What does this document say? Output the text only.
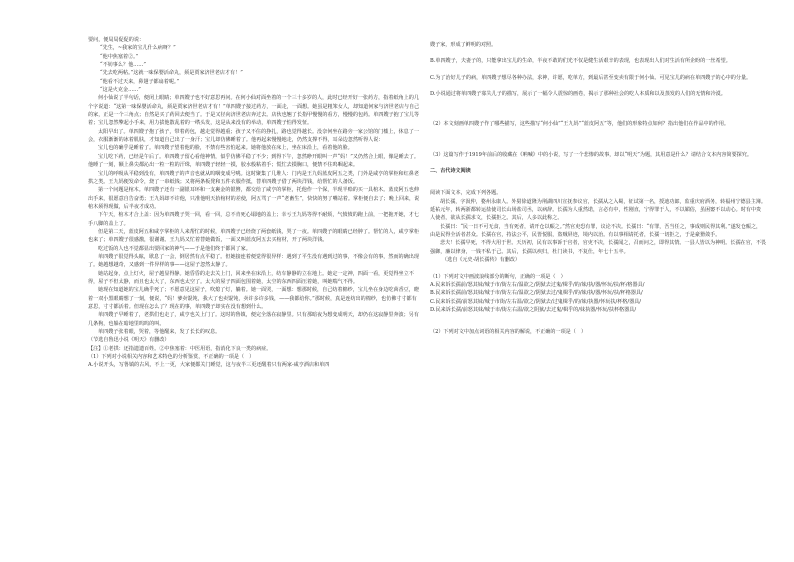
要问，便局局促促的说：

“先生，~我家的宝儿什么病呀？”

“他中焦塞着②。”

“不妨事么？他……”

“先去吃两帖。”这就一味保婴活命丸，须是贾家济世老店才有！”

“他看不过天来，鼻翅子都扇着呢。”

“这是火克金……”

何小仙说了半句话，便闭上眼睛；单四嫂子也不好意思再问。在何小仙对面坐着的一个三十多岁的人，此时已经开好一张药方，指着纸角上的几个字说道：“这第一味保婴活命丸，须是贾家济世老店才有！”单四嫂子接过药方，一面走，一面想。她虽是粗笨女人，却知道何家与济世老店与自己的家，正是一个三角点；自然是买了药回去便当了。于是又径向济世老店奔过去。店伙也翘了长指甲慢慢的看方，慢慢的包药。单四嫂子抱了宝儿等着；宝儿忽然擎起小手来，用力拔他散乱着的一绺头发，这是从来没有的举动，单四嫂子怕得发怔。

太阳早出了。单四嫂子抱了孩子，带着药包，越走觉得越重；孩子又不住的挣扎，路也觉得越长。没奈何坐在路旁一家公馆的门槛上，休息了一会，衣服渐渐的冰着肌肤，才知道自己出了一身汗；宝儿却仿佛睡着了。他再起来慢慢地走，仍然支撑不得，耳朵边忽然听得人说：

宝儿也的确乎是睡着了。单四嫂子望着他的脸，不禁有些害怕起来。她将他放在床上，坐在床沿上，看着他的脸。

宝儿吃下药，已经是午后了。单四嫂子留心看他神情，似乎仿佛平稳了不少；到得下午，忽然睁开眼叫一声“妈！”又仍然合上眼，像是睡去了。他睡了一刻，额上鼻尖都沁出一粒一粒的汗珠，单四嫂子轻轻一摸，胶水般粘着手；慌忙去摸胸口，便禁不住呜咽起来。

宝儿的呼吸从平稳到没有，单四嫂子的声音也就从呜咽变成号咷。这时聚集了几堆人：门内是王九妈蓝皮阿五之类，门外是咸亨的掌柜和红鼻老拱之类。王九妈便发命令，烧了一串纸钱；又将两条板凳和五件衣服作抵，替单四嫂子借了两块洋钱，给帮忙的人备饭。

第一个问题是棺木。单四嫂子还有一副银耳环和一支裹金的银簪，都交给了咸亨的掌柜，托他作一个保，半现半赊的买一具棺木。蓝皮阿五也伸出手来，很愿意自告奋勇；王九妈却不许他，只准他明天抬棺材的差使，阿五骂了一声“老畜生”，快快的努了嘴站着。掌柜便自去了；晚上回来，说棺木须得现做，后半夜才成功。

下午天，棺木才合上盖：因为单四嫂子哭一回，看一回，总不肯死心塌地的盖上；幸亏王九妈等得不耐烦，气愤愤的跑上前，一把拖开她，才七手八脚的盖上了。

但是第二天，蓝皮阿五和咸亨掌柜的人来帮忙的时候，单四嫂子已经烧了两套纸钱，哭了一夜。单四嫂子的眼睛已经肿了。帮忙的人，咸亨掌柜也来了；单四嫂子很感激，很谢谢。王九妈又忙着替她做饭，一面又叫蓝皮阿五去买棺材，开了两块洋钱。

吃过饭的人也不觉都显出要回家的神气——于是他们终于都回了家。

单四嫂子很觉得头眩，歇息了一会，倒居然有点平稳了。但她接连着便觉得很异样：遇到了平生没有遇到过的事，不像会有的事，然而的确出现了。她越想越奇，又感到一件异样的事——这屋子忽然太静了。

她站起身，点上灯火，屋子越显得静。她昏昏的走去关上门，回来坐在床沿上，纺车静静的立在地上。她定一定神，四面一看，更觉得坐立不得，屋子不但太静，而且也太大了，东西也太空了。太大的屋子四面包围着她，太空的东西四面压着她，叫她喘气不得。

她现在知道她的宝儿确乎死了；不愿意见这屋子，吹熄了灯，躺着。她一面哭，一面想：想那时候，自己纺着棉纱，宝儿坐在身边吃茴香豆，瞪着一双小黑眼睛想了一刻，便说，“妈！爹卖馄饨，我大了也卖馄饨，卖许多许多钱，——我都给你。”那时候，真是连纺出的棉纱，也仿佛寸寸都有意思，寸寸都活着。但现在怎么了？现在的事，单四嫂子却实在没有想到什么。

单四嫂子早睡着了，老拱们也走了，咸亨也关上门了。这时的鲁镇，便完全落在寂静里。只有那暗夜为想变成明天，却仍在这寂静里奔波；另有几条狗，也躲在暗地里呜呜的叫。

单四嫂子张着眼，哭着，等他醒来，发了长长的叹息。

（节选自鲁迅小说《明天》有删改）

【注】①老拱：还指遗遗百姓。②中焦塞着：中医用语，指消化下良一类的病症。

（1）下列对小说相关内容和艺术特色的分析鉴赏，不正确的一项是（　）

A.小说开头，写鲁镇的古风，不上一更，大家便都关门睡觉，这与夜半三更还醒着只有两家-咸亨酒店和单四

嫂子家，形成了鲜明的对照。

B.单四嫂子，夫妻子的，只能拿出宝儿的生命，半夜不敢的们光不仅是健生活艰辛的表现，也表现出人们对生活有所企盼的一丝希望。

C.为了治好儿子的病，单四嫂子想尽各种办法，求神，许愿，吃单方，到最后甚至变卖有限于何小仙。可见宝儿的病在单四嫂子的心中的分量。

D.小说通过将单四嫂子寡失儿子的描写，展示了一幅令人震惊的画卷，揭示了那种社会的吃人本质和以及蒸发的人们的无情和冷漠。

（2）本文刻画单四嫂子作了哪些描写，这些描写“何小仙”“王九妈”“蓝皮阿五”等，他们的形象特点如何？指出他们在作品中的作用。

（3）这篇写作于1919年前后的收藏在《呐喊》中的小说，写了一个悲惨的故事，却以“明天”为题，其用意是什么？请结合文本内容简要探究。

二、古代诗文阅读

阅读下面文本，完成下列各题。

胡长孺，字汲仲，婺州永康人。外舅徐道隆为荆湖四川宣抚参议官，长孺从之入蜀，征试第一名，授迪功郎，监重庆府酒务，转福州宁德县主簿。延祐元年，转两浙都转运盐使司长山场盐司丞，以病辞。长孺为人重然诺，言必有中，性刚直，宁得罪于人，不以媚俗，虽困窭不以动心。时有中贵人使者，欲从长孺求文，长孺拒之。其后，人多以此称之。

长孺曰：“民一日不可无食，当有死者，请开仓以赈之。”然官吏恐有罪，议论不决。长孺曰：“有罪，吾当任之，事成则民得其利。”遂发仓赈之，由是民得全活者甚众。长孺在官，持法公平，民皆悦服，盗贼屏迹，境内以治。有以事相请托者，长孺一切拒之，于是豪猾敛手。

悲夫！长孺早死，不得大用于世。天历初，民有以事诉于官者，官吏不决，长孺闻之，召而问之，即得其情。一县人皆以为神明。长孺在官，不畏强御，廉以律身，一钱不私于己。其后，长孺以疾归，杜门读书，不复仕，年七十五卒。

（选自《元史·胡长孺传》有删改）

（1）下列对文中画波浪线部分的断句，正确的一项是（　）

A.民来诉长孺前/怒其妹/城于市/街左右/温欲之/阴狱去过鬼/楫乎/的/妹/执/器/怀玩/扶/杯/格器具/

B.民来诉长孺前/怒其妹/城于市/街左右/温欲之/阴狱去过/鬼楫乎/的/妹/执/器/怀玩/扶/杯格器具/

C.民来诉长孺/前怒其妹/城于市街/左右温/欲之/阴狱去/过鬼楫乎/的/妹/执器/怀玩扶/杯格/器具/

D.民来诉长孺/前怒其妹/城于市/街左右温/欲之阴狱/去过鬼/楫乎的/妹执器/怀玩/扶杯格器具/

（2）下列对文中加点词语的相关内容的解说，不正确的一项是（　）
